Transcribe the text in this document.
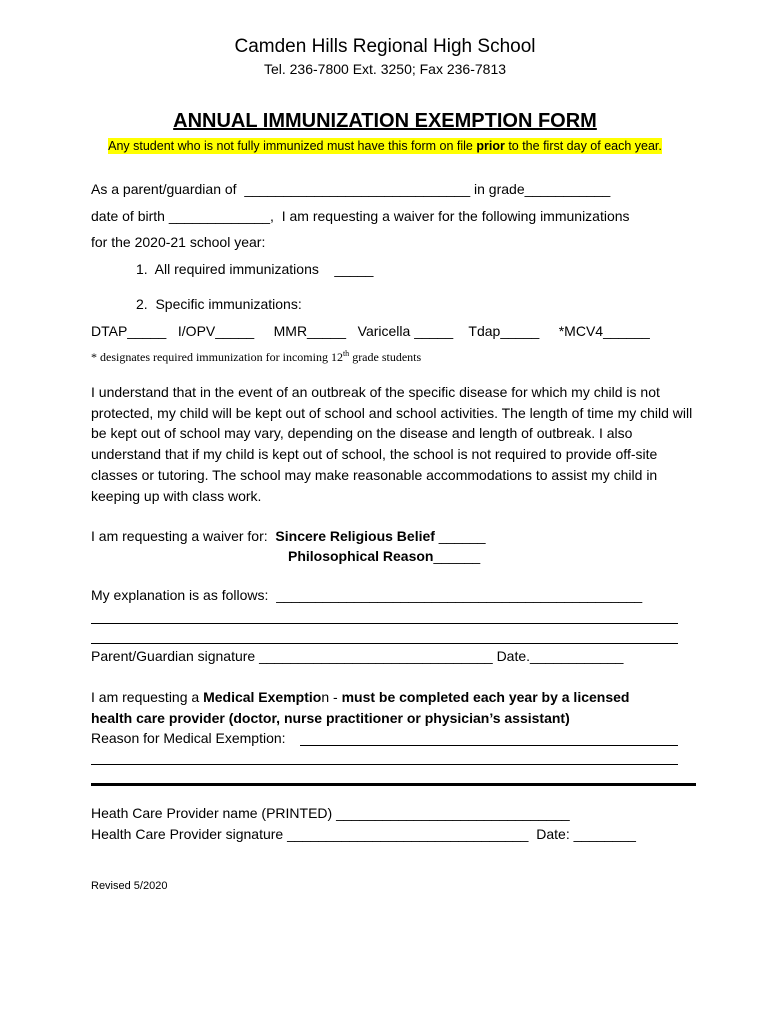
Camden Hills Regional High School
Tel. 236-7800 Ext. 3250; Fax 236-7813
ANNUAL IMMUNIZATION EXEMPTION FORM
Any student who is not fully immunized must have this form on file prior to the first day of each year.
As a parent/guardian of  _____________________________ in grade___________
date of birth _____________,  I am requesting a waiver for the following immunizations
for the 2020-21 school year:
1.  All required immunizations    _____
2.  Specific immunizations:
DTAP_____   I/OPV_____     MMR_____   Varicella _____    Tdap_____     *MCV4______
* designates required immunization for incoming 12th grade students
I understand that in the event of an outbreak of the specific disease for which my child is not protected, my child will be kept out of school and school activities. The length of time my child will be kept out of school may vary, depending on the disease and length of outbreak. I also understand that if my child is kept out of school, the school is not required to provide off-site classes or tutoring. The school may make reasonable accommodations to assist my child in keeping up with class work.
I am requesting a waiver for:  Sincere Religious Belief ______
Philosophical Reason______
My explanation is as follows:  _______________________________________________
Parent/Guardian signature ______________________________ Date.____________
I am requesting a Medical Exemption - must be completed each year by a licensed
health care provider (doctor, nurse practitioner or physician’s assistant)
Reason for Medical Exemption:
Heath Care Provider name (PRINTED) ______________________________
Health Care Provider signature _______________________________  Date: ________
Revised 5/2020
